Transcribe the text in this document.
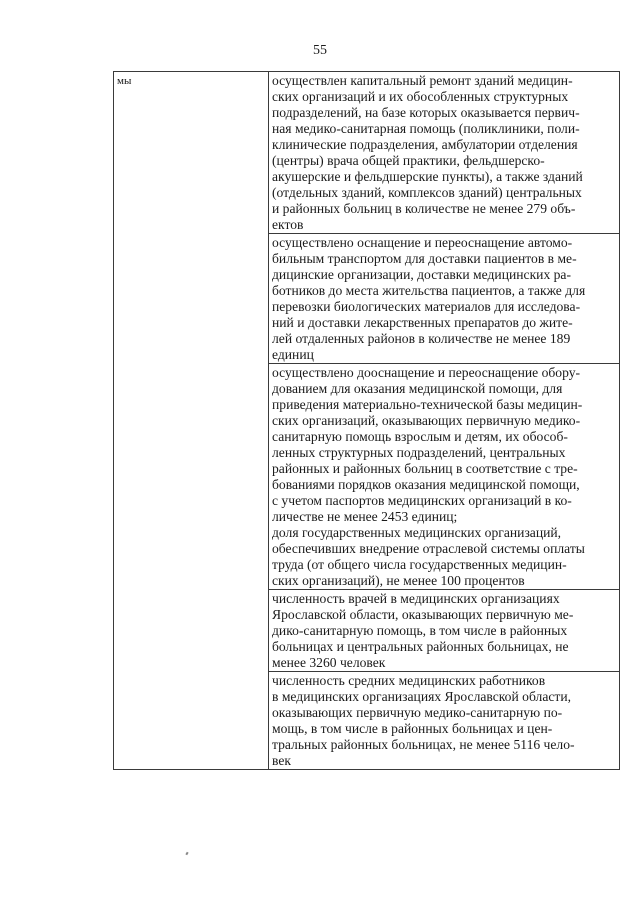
55
мы	осуществлен капитальный ремонт зданий медицин-
ских организаций и их обособленных структурных
подразделений, на базе которых оказывается первич-
ная медико-санитарная помощь (поликлиники, поли-
клинические подразделения, амбулатории отделения
(центры) врача общей практики, фельдшерско-
акушерские и фельдшерские пункты), а также зданий
(отдельных зданий, комплексов зданий) центральных
и районных больниц в количестве не менее 279 объ-
ектов

осуществлено оснащение и переоснащение автомо-
бильным транспортом для доставки пациентов в ме-
дицинские организации, доставки медицинских ра-
ботников до места жительства пациентов, а также для
перевозки биологических материалов для исследова-
ний и доставки лекарственных препаратов до жите-
лей отдаленных районов в количестве не менее 189
единиц

осуществлено дооснащение и переоснащение обору-
дованием для оказания медицинской помощи, для
приведения материально-технической базы медицин-
ских организаций, оказывающих первичную медико-
санитарную помощь взрослым и детям, их обособ-
ленных структурных подразделений, центральных
районных и районных больниц в соответствие с тре-
бованиями порядков оказания медицинской помощи,
с учетом паспортов медицинских организаций в ко-
личестве не менее 2453 единиц;
доля государственных медицинских организаций,
обеспечивших внедрение отраслевой системы оплаты
труда (от общего числа государственных медицин-
ских организаций), не менее 100 процентов

численность врачей в медицинских организациях
Ярославской области, оказывающих первичную ме-
дико-санитарную помощь, в том числе в районных
больницах и центральных районных больницах, не
менее 3260 человек

численность средних медицинских работников
в медицинских организациях Ярославской области,
оказывающих первичную медико-санитарную по-
мощь, в том числе в районных больницах и цен-
тральных районных больницах, не менее 5116 чело-
век
